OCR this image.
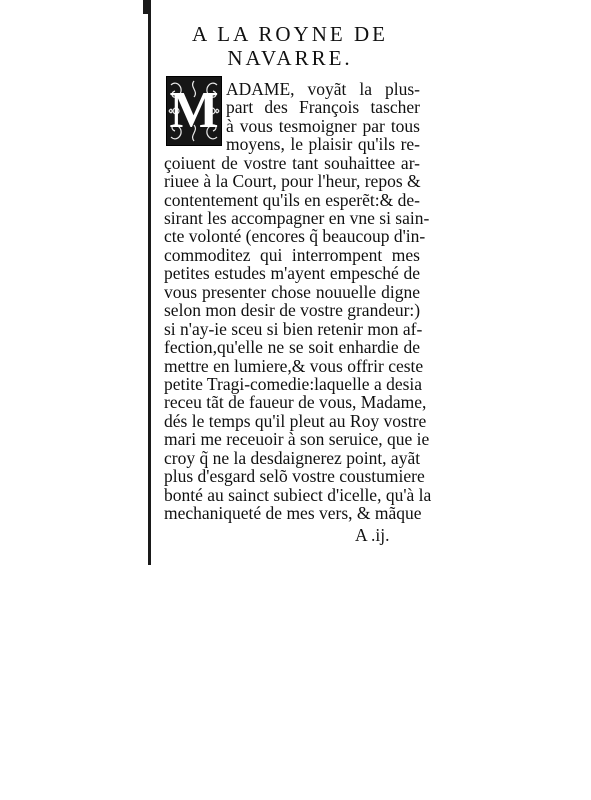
A LA ROYNE DE
NAVARRE.
M ADAME, voyãt la plus-
part des François tascher
à vous tesmoigner par tous
moyens, le plaisir qu'ils re-
çoiuent de vostre tant souhaittee ar-
riuee à la Court, pour l'heur, repos &
contentement qu'ils en esperẽt:& de-
sirant les accompagner en vne si sain-
cte volonté (encores q̃ beaucoup d'in-
commoditez qui interrompent mes
petites estudes m'ayent empesché de
vous presenter chose nouuelle digne
selon mon desir de vostre grandeur:)
si n'ay-ie sceu si bien retenir mon af-
fection,qu'elle ne se soit enhardie de
mettre en lumiere,& vous offrir ceste
petite Tragi-comedie:laquelle a desia
receu tãt de faueur de vous, Madame,
dés le temps qu'il pleut au Roy vostre
mari me receuoir à son seruice, que ie
croy q̃ ne la desdaignerez point, ayãt
plus d'esgard selõ vostre coustumiere
bonté au sainct subiect d'icelle, qu'à la
mechaniqueté de mes vers, & mãque
A .ij.
